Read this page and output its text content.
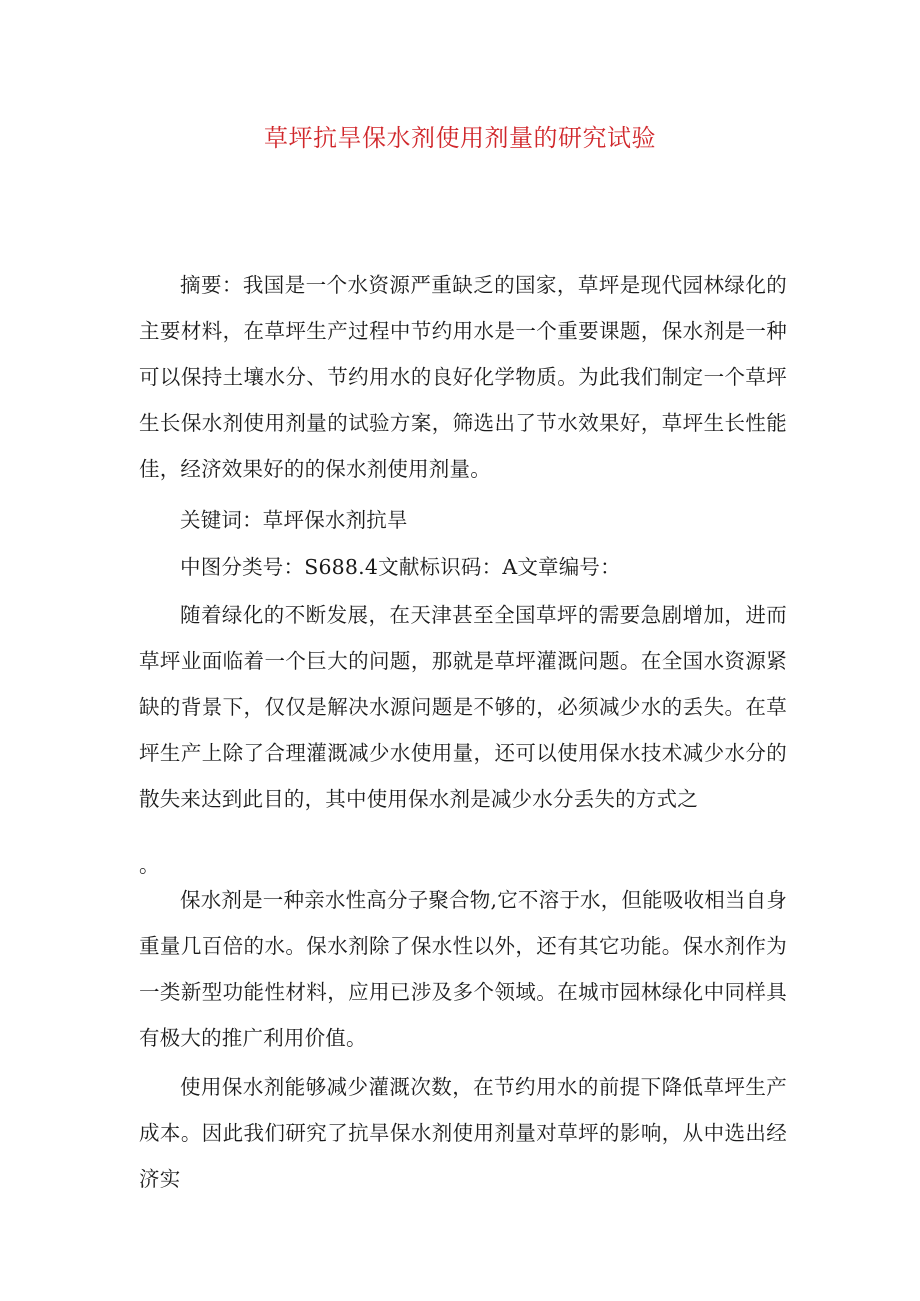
草坪抗旱保水剂使用剂量的研究试验

摘要：我国是一个水资源严重缺乏的国家，草坪是现代园林绿化的主要材料，在草坪生产过程中节约用水是一个重要课题，保水剂是一种可以保持土壤水分、节约用水的良好化学物质。为此我们制定一个草坪生长保水剂使用剂量的试验方案，筛选出了节水效果好，草坪生长性能佳，经济效果好的的保水剂使用剂量。

关键词：草坪保水剂抗旱

中图分类号：S688.4文献标识码：A文章编号：

随着绿化的不断发展，在天津甚至全国草坪的需要急剧增加，进而草坪业面临着一个巨大的问题，那就是草坪灌溉问题。在全国水资源紧缺的背景下，仅仅是解决水源问题是不够的，必须减少水的丢失。在草坪生产上除了合理灌溉减少水使用量，还可以使用保水技术减少水分的散失来达到此目的，其中使用保水剂是减少水分丢失的方式之

。

保水剂是一种亲水性高分子聚合物,它不溶于水，但能吸收相当自身重量几百倍的水。保水剂除了保水性以外，还有其它功能。保水剂作为一类新型功能性材料，应用已涉及多个领域。在城市园林绿化中同样具有极大的推广利用价值。

使用保水剂能够减少灌溉次数，在节约用水的前提下降低草坪生产成本。因此我们研究了抗旱保水剂使用剂量对草坪的影响，从中选出经济实
